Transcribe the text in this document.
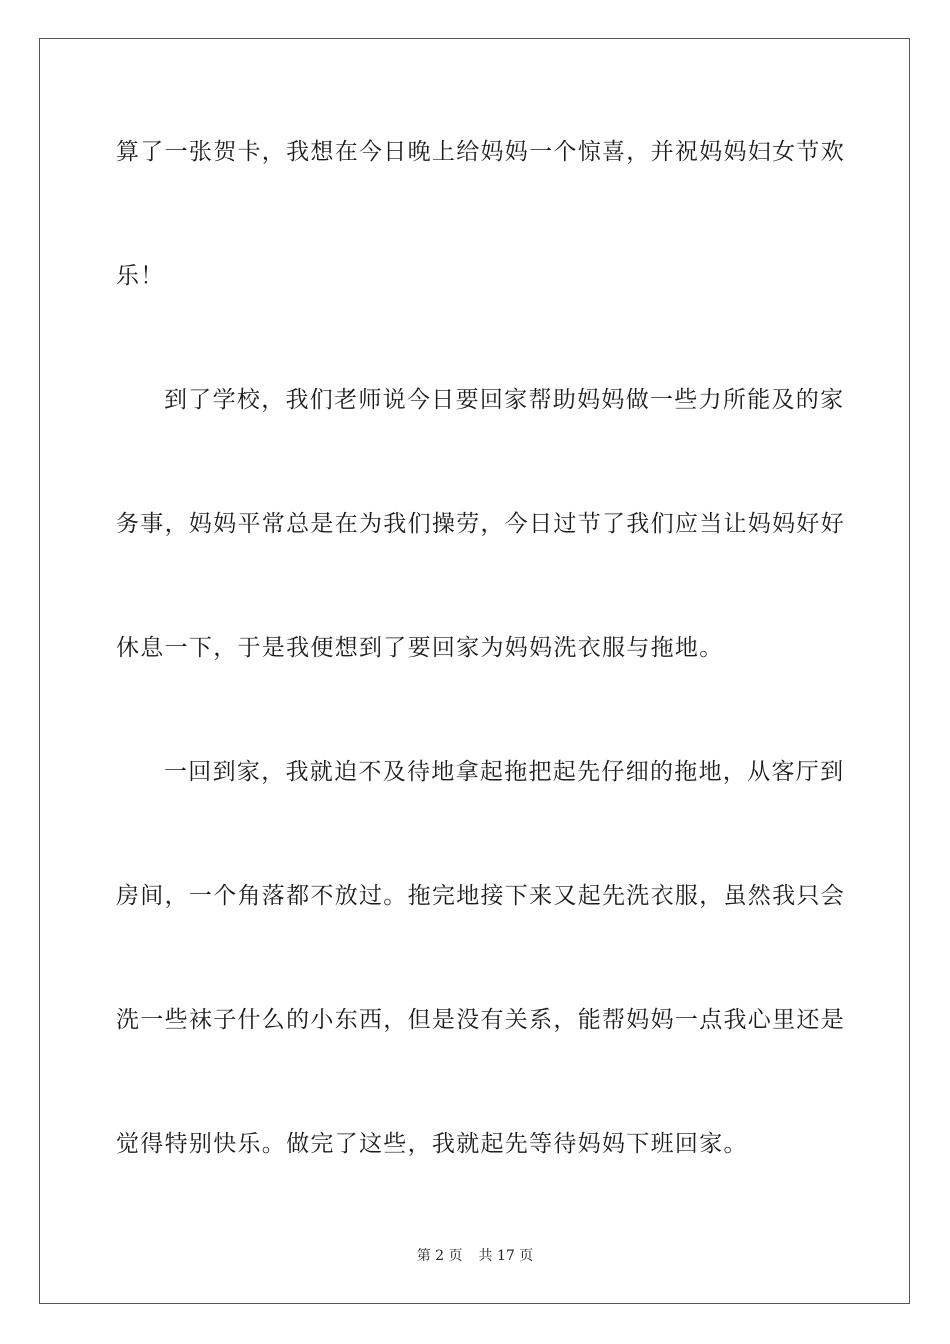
算了一张贺卡，我想在今日晚上给妈妈一个惊喜，并祝妈妈妇女节欢
乐！
到了学校，我们老师说今日要回家帮助妈妈做一些力所能及的家
务事，妈妈平常总是在为我们操劳，今日过节了我们应当让妈妈好好
休息一下，于是我便想到了要回家为妈妈洗衣服与拖地。
一回到家，我就迫不及待地拿起拖把起先仔细的拖地，从客厅到
房间，一个角落都不放过。拖完地接下来又起先洗衣服，虽然我只会
洗一些袜子什么的小东西，但是没有关系，能帮妈妈一点我心里还是
觉得特别快乐。做完了这些，我就起先等待妈妈下班回家。
第 2 页 共 17 页
